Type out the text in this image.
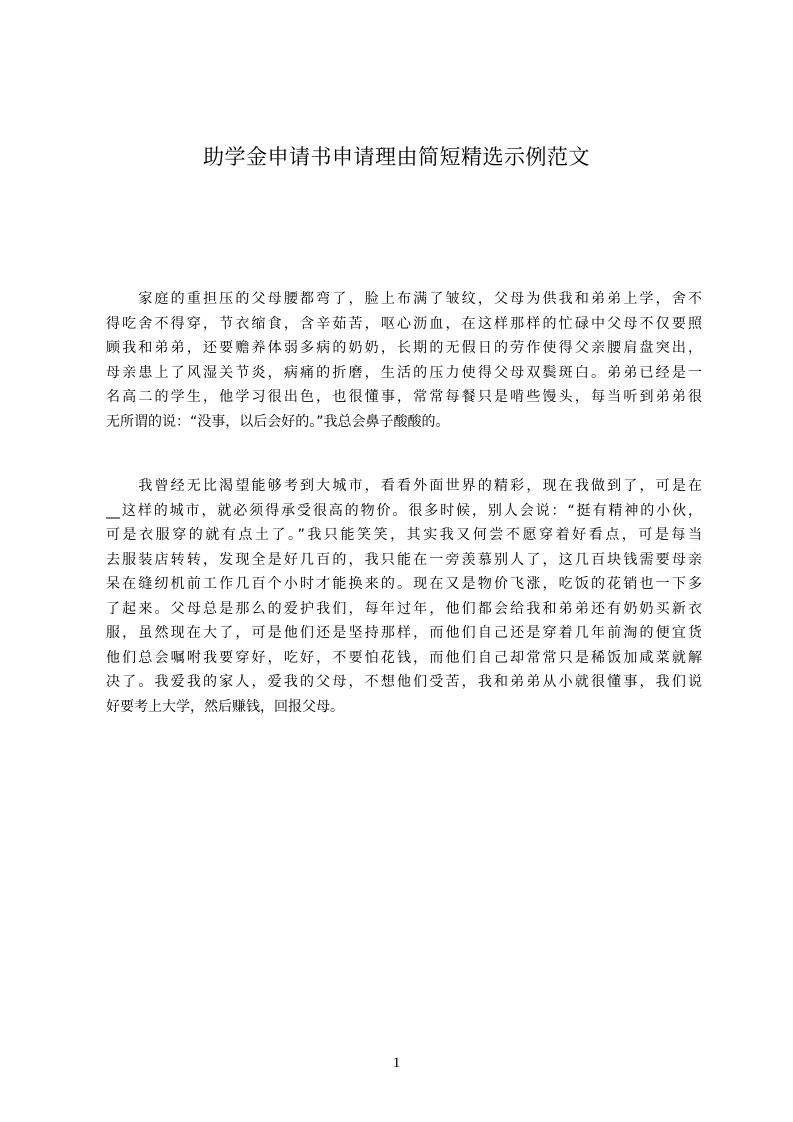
助学金申请书申请理由简短精选示例范文
　　家庭的重担压的父母腰都弯了，脸上布满了皱纹，父母为供我和弟弟上学，舍不
得吃舍不得穿，节衣缩食，含辛茹苦，呕心沥血，在这样那样的忙碌中父母不仅要照
顾我和弟弟，还要赡养体弱多病的奶奶，长期的无假日的劳作使得父亲腰肩盘突出，
母亲患上了风湿关节炎，病痛的折磨，生活的压力使得父母双鬓斑白。弟弟已经是一
名高二的学生，他学习很出色，也很懂事，常常每餐只是啃些馒头，每当听到弟弟很
无所谓的说：“没事，以后会好的。”我总会鼻子酸酸的。
　　我曾经无比渴望能够考到大城市，看看外面世界的精彩，现在我做到了，可是在
__这样的城市，就必须得承受很高的物价。很多时候，别人会说：“挺有精神的小伙，
可是衣服穿的就有点土了。”我只能笑笑，其实我又何尝不愿穿着好看点，可是每当
去服装店转转，发现全是好几百的，我只能在一旁羡慕别人了，这几百块钱需要母亲
呆在缝纫机前工作几百个小时才能换来的。现在又是物价飞涨，吃饭的花销也一下多
了起来。父母总是那么的爱护我们，每年过年，他们都会给我和弟弟还有奶奶买新衣
服，虽然现在大了，可是他们还是坚持那样，而他们自己还是穿着几年前淘的便宜货
他们总会嘱咐我要穿好，吃好，不要怕花钱，而他们自己却常常只是稀饭加咸菜就解
决了。我爱我的家人，爱我的父母，不想他们受苦，我和弟弟从小就很懂事，我们说
好要考上大学，然后赚钱，回报父母。
1
